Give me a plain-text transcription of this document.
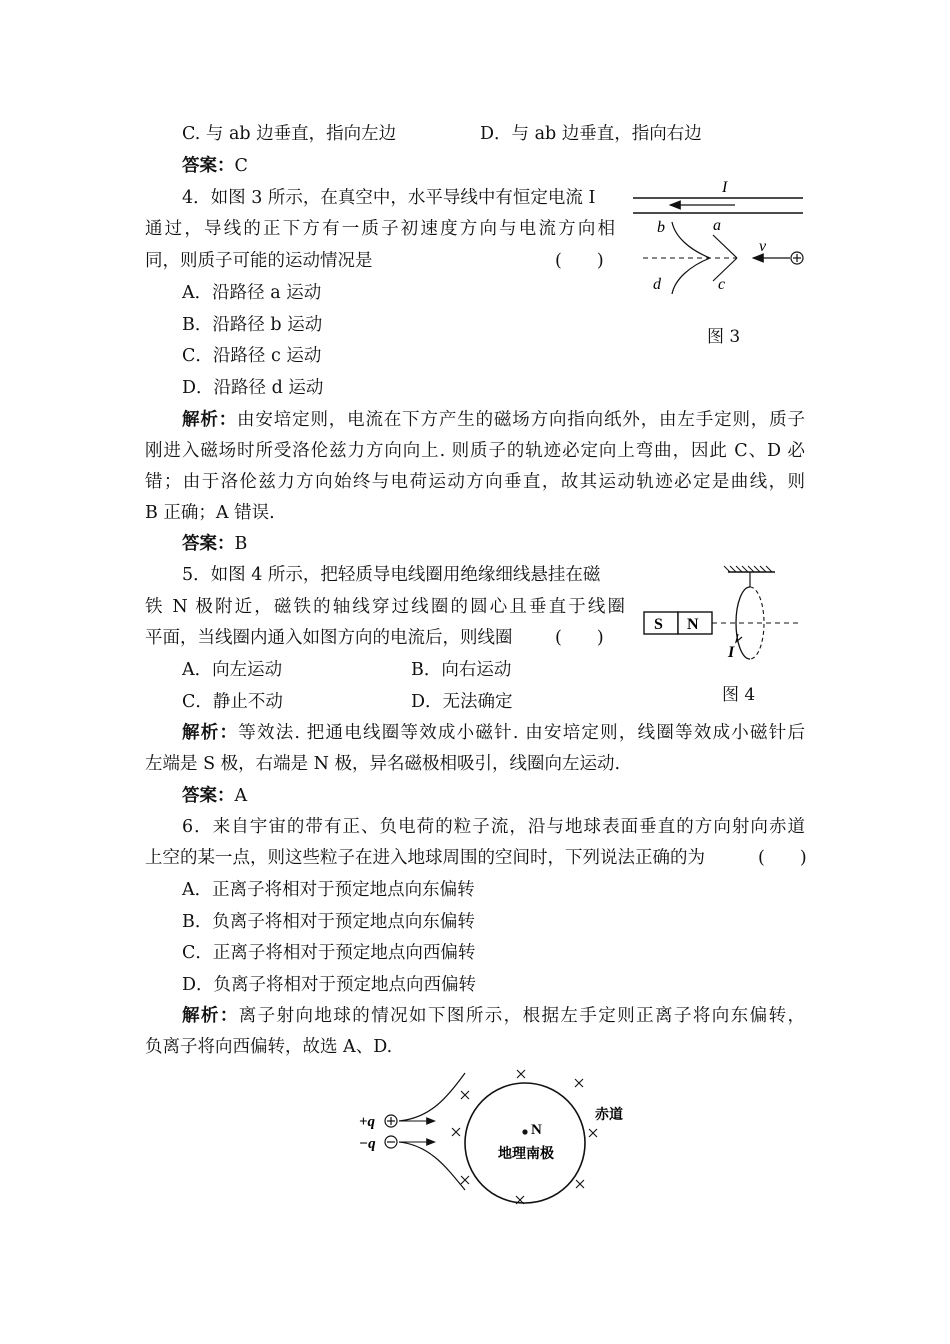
C. 与 ab 边垂直，指向左边	D．与 ab 边垂直，指向右边
答案：C
4．如图 3 所示，在真空中，水平导线中有恒定电流 I
通过，导线的正下方有一质子初速度方向与电流方向相
同，则质子可能的运动情况是	(　　)
A．沿路径 a 运动
B．沿路径 b 运动
C．沿路径 c 运动
D．沿路径 d 运动
I
a
b
c
d
v
图 3
解析：由安培定则，电流在下方产生的磁场方向指向纸外，由左手定则，质子
刚进入磁场时所受洛伦兹力方向向上. 则质子的轨迹必定向上弯曲，因此 C、D 必
错；由于洛伦兹力方向始终与电荷运动方向垂直，故其运动轨迹必定是曲线，则
B 正确；A 错误.
答案：B
5．如图 4 所示，把轻质导电线圈用绝缘细线悬挂在磁
铁 N 极附近，磁铁的轴线穿过线圈的圆心且垂直于线圈
平面，当线圈内通入如图方向的电流后，则线圈 (　　)
A．向左运动	B．向右运动
C．静止不动	D．无法确定
S N
I
图 4
解析：等效法. 把通电线圈等效成小磁针. 由安培定则，线圈等效成小磁针后
左端是 S 极，右端是 N 极，异名磁极相吸引，线圈向左运动.
答案：A
6．来自宇宙的带有正、负电荷的粒子流，沿与地球表面垂直的方向射向赤道
上空的某一点，则这些粒子在进入地球周围的空间时，下列说法正确的为	(　　)
A．正离子将相对于预定地点向东偏转
B．负离子将相对于预定地点向东偏转
C．正离子将相对于预定地点向西偏转
D．负离子将相对于预定地点向西偏转
解析：离子射向地球的情况如下图所示，根据左手定则正离子将向东偏转，
负离子将向西偏转，故选 A、D.
N
地理南极
赤道
+q
−q
